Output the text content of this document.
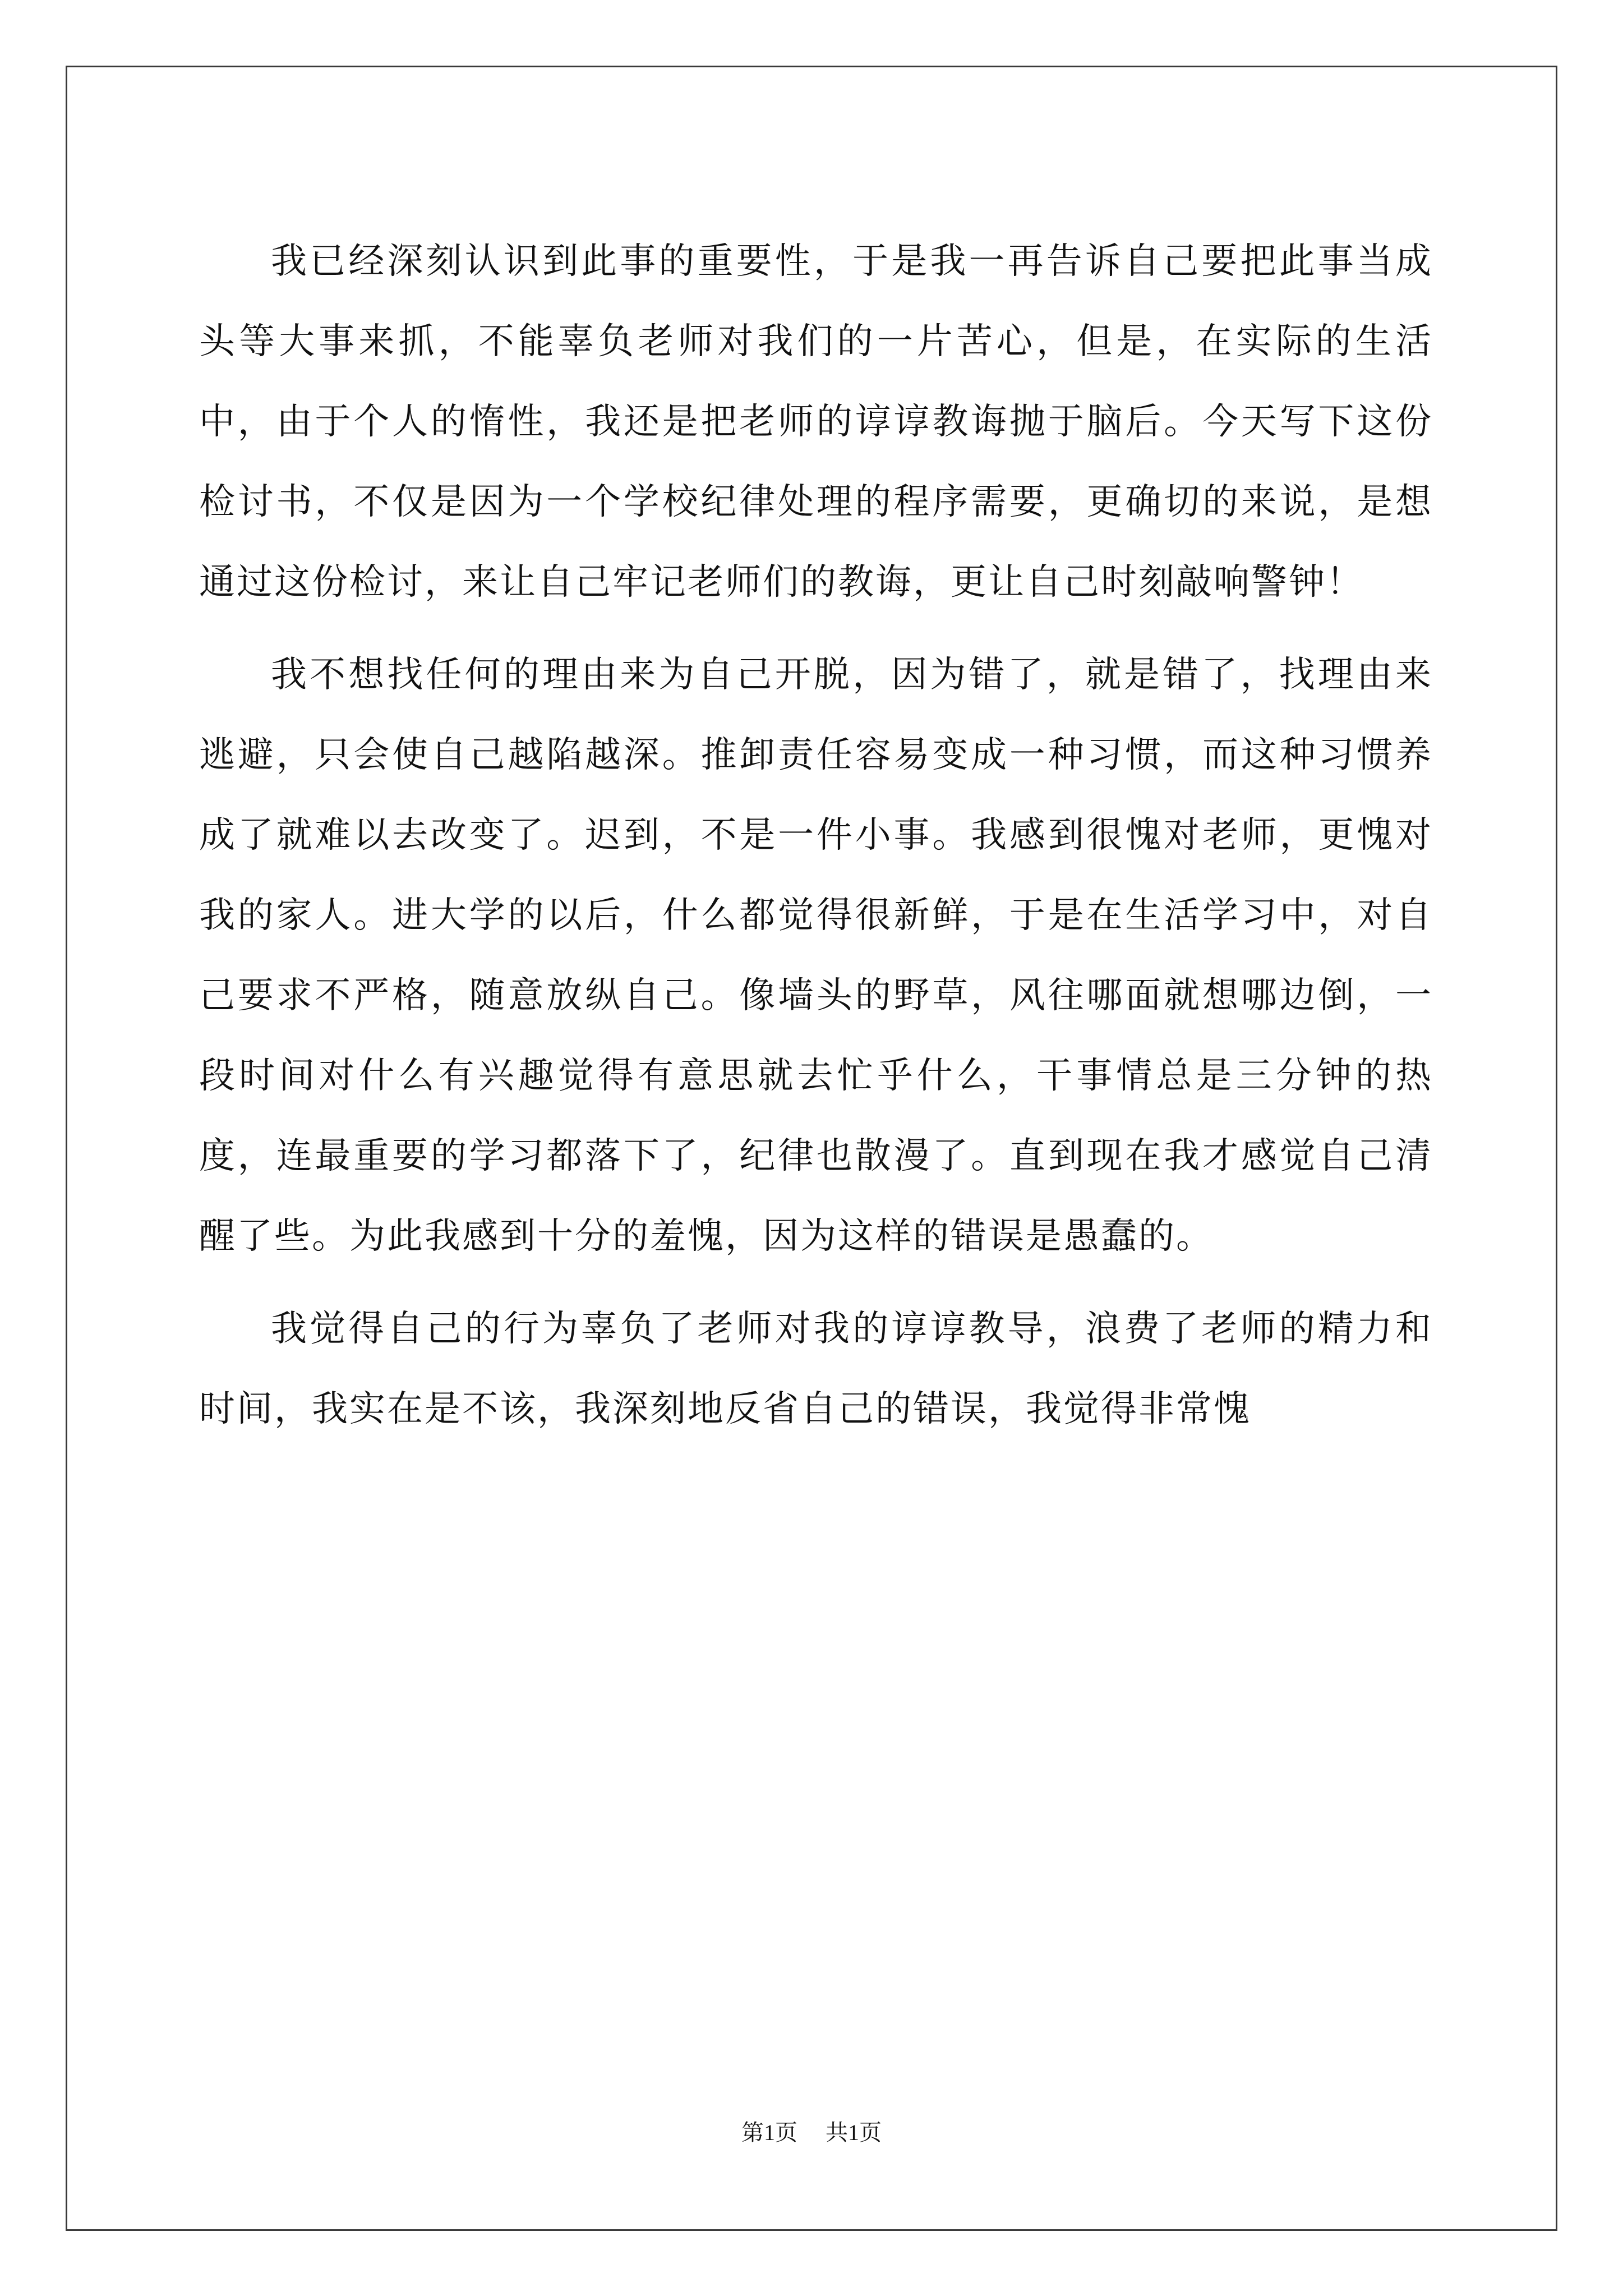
我已经深刻认识到此事的重要性，于是我一再告诉自己要把此事当成头等大事来抓，不能辜负老师对我们的一片苦心，但是，在实际的生活中，由于个人的惰性，我还是把老师的谆谆教诲抛于脑后。今天写下这份检讨书，不仅是因为一个学校纪律处理的程序需要，更确切的来说，是想通过这份检讨，来让自己牢记老师们的教诲，更让自己时刻敲响警钟！

我不想找任何的理由来为自己开脱，因为错了，就是错了，找理由来逃避，只会使自己越陷越深。推卸责任容易变成一种习惯，而这种习惯养成了就难以去改变了。迟到，不是一件小事。我感到很愧对老师，更愧对我的家人。进大学的以后，什么都觉得很新鲜，于是在生活学习中，对自己要求不严格，随意放纵自己。像墙头的野草，风往哪面就想哪边倒，一段时间对什么有兴趣觉得有意思就去忙乎什么，干事情总是三分钟的热度，连最重要的学习都落下了，纪律也散漫了。直到现在我才感觉自己清醒了些。为此我感到十分的羞愧，因为这样的错误是愚蠢的。

我觉得自己的行为辜负了老师对我的谆谆教导，浪费了老师的精力和时间，我实在是不该，我深刻地反省自己的错误，我觉得非常愧

第1页 共1页
